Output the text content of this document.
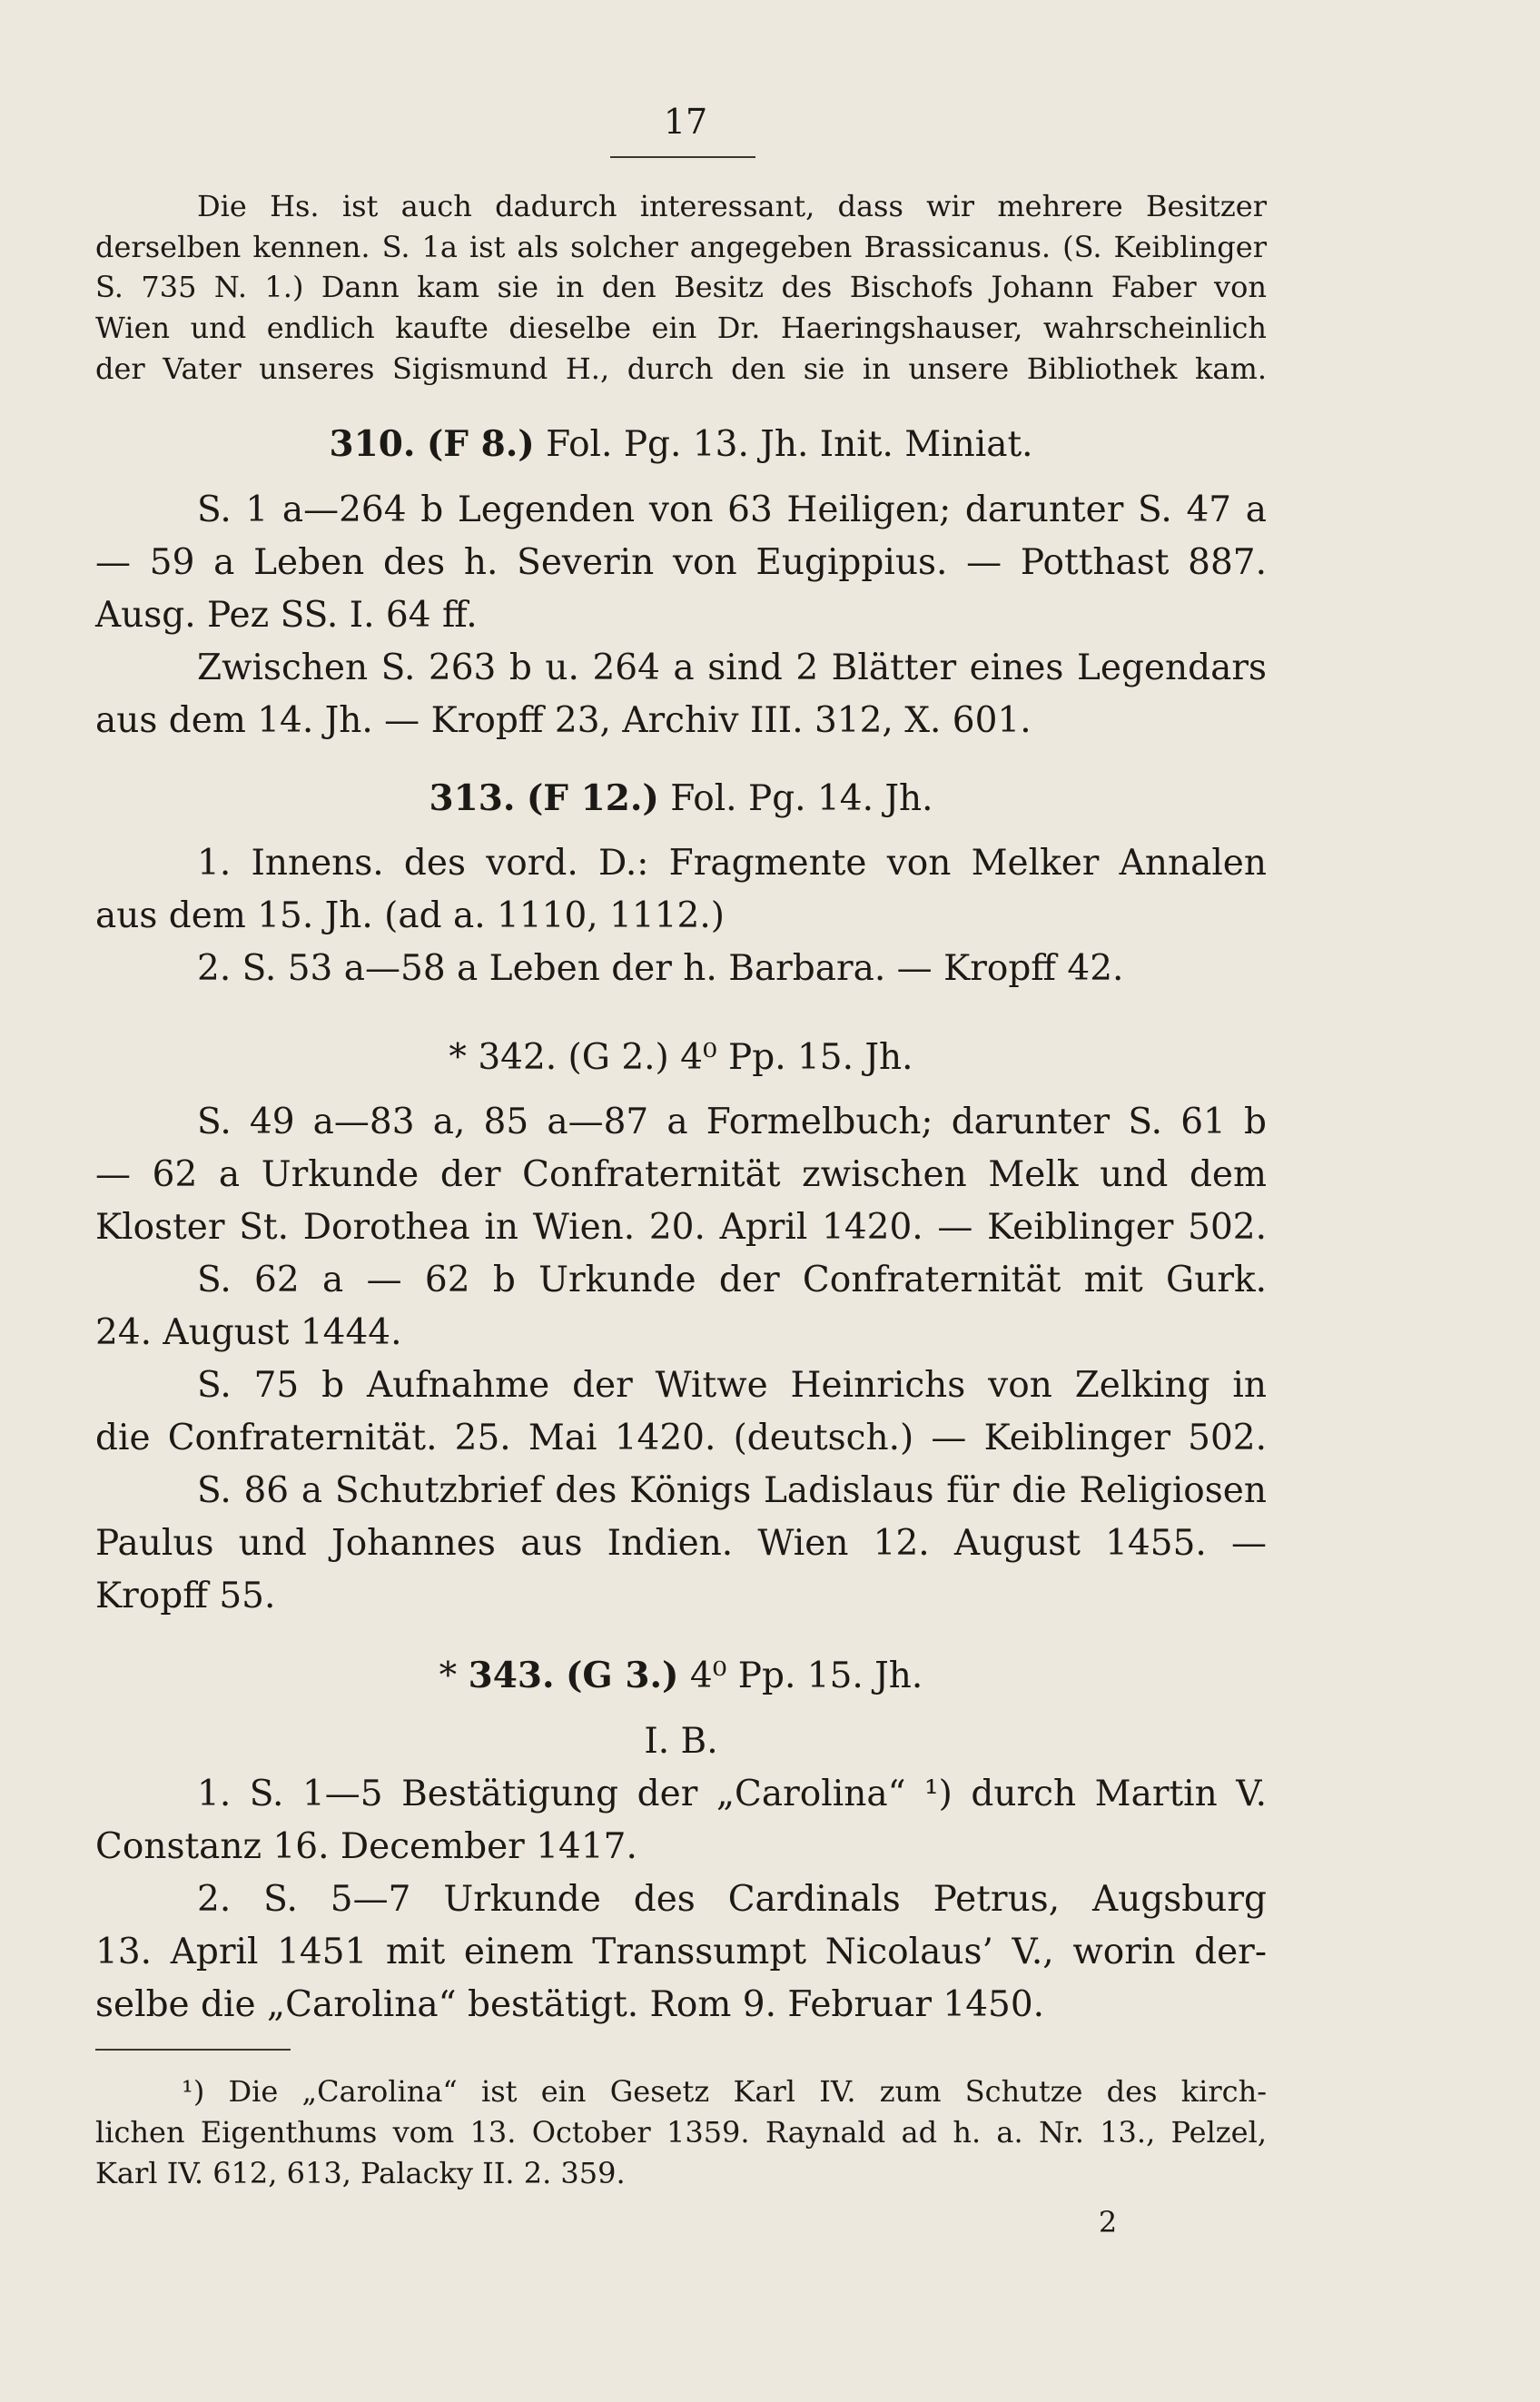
17
Die Hs. ist auch dadurch interessant, dass wir mehrere Besitzer
derselben kennen. S. 1a ist als solcher angegeben Brassicanus. (S. Keiblinger
S. 735 N. 1.) Dann kam sie in den Besitz des Bischofs Johann Faber von
Wien und endlich kaufte dieselbe ein Dr. Haeringshauser, wahrscheinlich
der Vater unseres Sigismund H., durch den sie in unsere Bibliothek kam.
310. (F 8.) Fol. Pg. 13. Jh. Init. Miniat.
S. 1 a—264 b Legenden von 63 Heiligen; darunter S. 47 a
— 59 a Leben des h. Severin von Eugippius. — Potthast 887.
Ausg. Pez SS. I. 64 ff.
Zwischen S. 263 b u. 264 a sind 2 Blätter eines Legendars
aus dem 14. Jh. — Kropff 23, Archiv III. 312, X. 601.
313. (F 12.) Fol. Pg. 14. Jh.
1. Innens. des vord. D.: Fragmente von Melker Annalen
aus dem 15. Jh. (ad a. 1110, 1112.)
2. S. 53 a—58 a Leben der h. Barbara. — Kropff 42.
* 342. (G 2.) 4⁰ Pp. 15. Jh.
S. 49 a—83 a, 85 a—87 a Formelbuch; darunter S. 61 b
— 62 a Urkunde der Confraternität zwischen Melk und dem
Kloster St. Dorothea in Wien. 20. April 1420. — Keiblinger 502.
S. 62 a — 62 b Urkunde der Confraternität mit Gurk.
24. August 1444.
S. 75 b Aufnahme der Witwe Heinrichs von Zelking in
die Confraternität. 25. Mai 1420. (deutsch.) — Keiblinger 502.
S. 86 a Schutzbrief des Königs Ladislaus für die Religiosen
Paulus und Johannes aus Indien. Wien 12. August 1455. —
Kropff 55.
* 343. (G 3.) 4⁰ Pp. 15. Jh.
I. B.
1. S. 1—5 Bestätigung der „Carolina“ ¹) durch Martin V.
Constanz 16. December 1417.
2. S. 5—7 Urkunde des Cardinals Petrus, Augsburg
13. April 1451 mit einem Transsumpt Nicolaus’ V., worin der-
selbe die „Carolina“ bestätigt. Rom 9. Februar 1450.
¹) Die „Carolina“ ist ein Gesetz Karl IV. zum Schutze des kirch-
lichen Eigenthums vom 13. October 1359. Raynald ad h. a. Nr. 13., Pelzel,
Karl IV. 612, 613, Palacky II. 2. 359.
2
